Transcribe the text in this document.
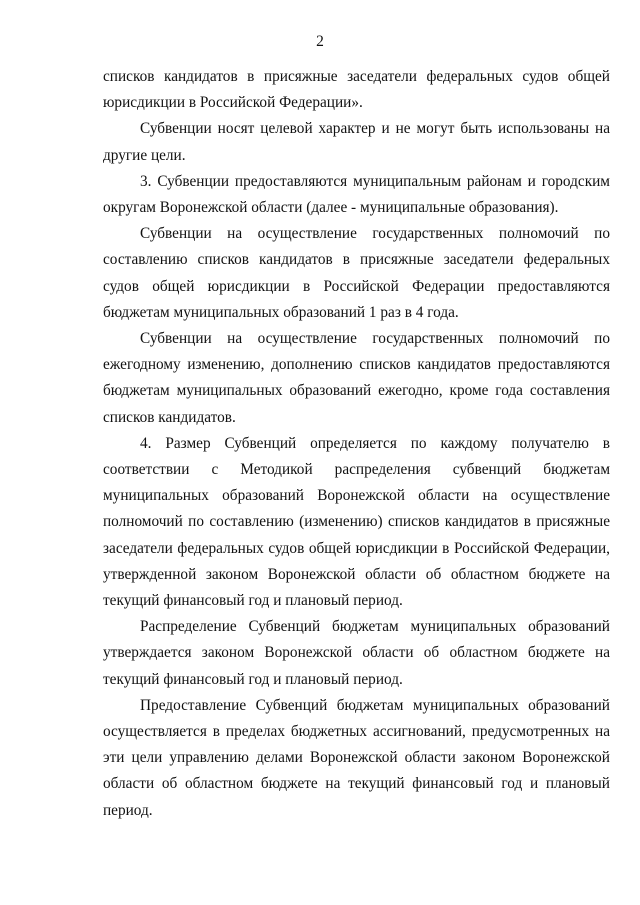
2

списков кандидатов в присяжные заседатели федеральных судов общей юрисдикции в Российской Федерации».

Субвенции носят целевой характер и не могут быть использованы на другие цели.

3. Субвенции предоставляются муниципальным районам и городским округам Воронежской области (далее - муниципальные образования).

Субвенции на осуществление государственных полномочий по составлению списков кандидатов в присяжные заседатели федеральных судов общей юрисдикции в Российской Федерации предоставляются бюджетам муниципальных образований 1 раз в 4 года.

Субвенции на осуществление государственных полномочий по ежегодному изменению, дополнению списков кандидатов предоставляются бюджетам муниципальных образований ежегодно, кроме года составления списков кандидатов.

4. Размер Субвенций определяется по каждому получателю в соответствии с Методикой распределения субвенций бюджетам муниципальных образований Воронежской области на осуществление полномочий по составлению (изменению) списков кандидатов в присяжные заседатели федеральных судов общей юрисдикции в Российской Федерации, утвержденной законом Воронежской области об областном бюджете на текущий финансовый год и плановый период.

Распределение Субвенций бюджетам муниципальных образований утверждается законом Воронежской области об областном бюджете на текущий финансовый год и плановый период.

Предоставление Субвенций бюджетам муниципальных образований осуществляется в пределах бюджетных ассигнований, предусмотренных на эти цели управлению делами Воронежской области законом Воронежской области об областном бюджете на текущий финансовый год и плановый период.
